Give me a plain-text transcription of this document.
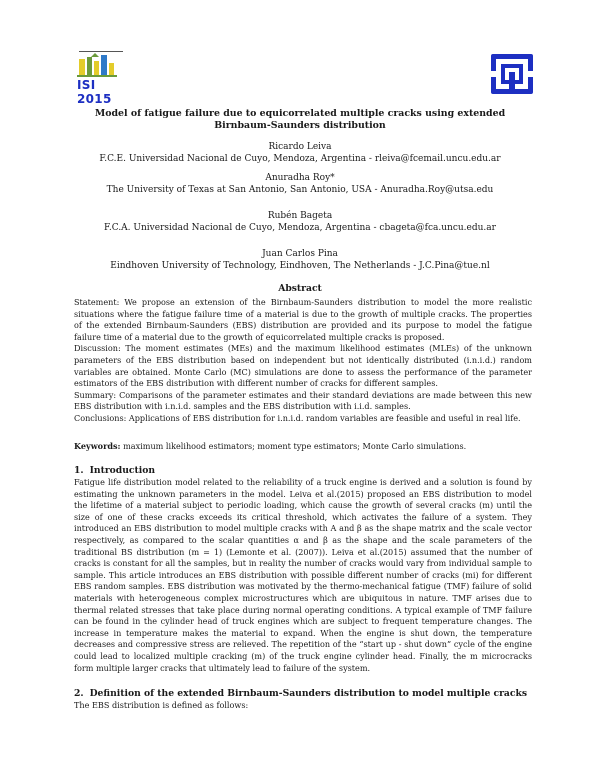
ISI 2015
Model of fatigue failure due to equicorrelated multiple cracks using extended
Birnbaum-Saunders distribution
Ricardo Leiva
F.C.E. Universidad Nacional de Cuyo, Mendoza, Argentina - rleiva@fcemail.uncu.edu.ar
Anuradha Roy*
The University of Texas at San Antonio, San Antonio, USA - Anuradha.Roy@utsa.edu
Rubén Bageta
F.C.A. Universidad Nacional de Cuyo, Mendoza, Argentina - cbageta@fca.uncu.edu.ar
Juan Carlos Pina
Eindhoven University of Technology, Eindhoven, The Netherlands - J.C.Pina@tue.nl
Abstract

Statement: We propose an extension of the Birnbaum-Saunders distribution to model the more realistic situations where the fatigue failure time of a material is due to the growth of multiple cracks. The properties of the extended Birnbaum-Saunders (EBS) distribution are provided and its purpose to model the fatigue failure time of a material due to the growth of equicorrelated multiple cracks is proposed.

Discussion: The moment estimates (MEs) and the maximum likelihood estimates (MLEs) of the unknown parameters of the EBS distribution based on independent but not identically distributed (i.n.i.d.) random variables are obtained. Monte Carlo (MC) simulations are done to assess the performance of the parameter estimators of the EBS distribution with different number of cracks for different samples.

Summary: Comparisons of the parameter estimates and their standard deviations are made between this new EBS distribution with i.n.i.d. samples and the EBS distribution with i.i.d. samples.

Conclusions: Applications of EBS distribution for i.n.i.d. random variables are feasible and useful in real life.

Keywords: maximum likelihood estimators; moment type estimators; Monte Carlo simulations.
1. Introduction

Fatigue life distribution model related to the reliability of a truck engine is derived and a solution is found by estimating the unknown parameters in the model. Leiva et al.(2015) proposed an EBS distribution to model the lifetime of a material subject to periodic loading, which cause the growth of several cracks (m) until the size of one of these cracks exceeds its critical threshold, which activates the failure of a system. They introduced an EBS distribution to model multiple cracks with A and β as the shape matrix and the scale vector respectively, as compared to the scalar quantities α and β as the shape and the scale parameters of the traditional BS distribution (m = 1) (Lemonte et al. (2007)). Leiva et al.(2015) assumed that the number of cracks is constant for all the samples, but in reality the number of cracks would vary from individual sample to sample. This article introduces an EBS distribution with possible different number of cracks (mi) for different EBS random samples. EBS distribution was motivated by the thermo-mechanical fatigue (TMF) failure of solid materials with heterogeneous complex microstructures which are ubiquitous in nature. TMF arises due to thermal related stresses that take place during normal operating conditions. A typical example of TMF failure can be found in the cylinder head of truck engines which are subject to frequent temperature changes. The increase in temperature makes the material to expand. When the engine is shut down, the temperature decreases and compressive stress are relieved. The repetition of the “start up - shut down” cycle of the engine could lead to localized multiple cracking (m) of the truck engine cylinder head. Finally, the m microcracks form multiple larger cracks that ultimately lead to failure of the system.

2. Definition of the extended Birnbaum-Saunders distribution to model multiple cracks

The EBS distribution is defined as follows:
